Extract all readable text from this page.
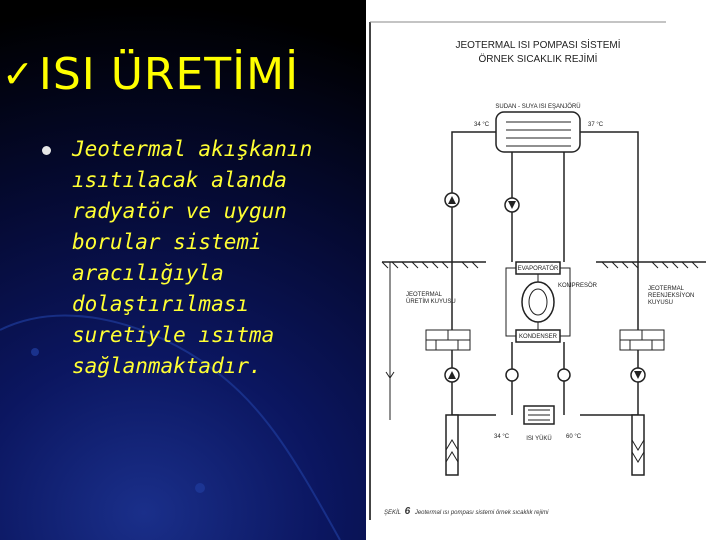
✓ ISI ÜRETİMİ
Jeotermal akışkanın ısıtılacak alanda radyatör ve uygun borular sistemi aracılığıyla dolaştırılması suretiyle ısıtma sağlanmaktadır.
JEOTERMAL ISI POMPASI SİSTEMİ
ÖRNEK SICAKLIK REJİMİ
SUDAN - SUYA ISI EŞANJÖRÜ
34 °C	37 °C
EVAPORATÖR
KOMPRESÖR
KONDENSER
ISI YÜKÜ
34 °C	60 °C
JEOTERMAL ÜRETİM KUYUSU
JEOTERMAL REENJEKSİYON KUYUSU
ŞEKİL 6 Jeotermal ısı pompası sistemi örnek sıcaklık rejimi
